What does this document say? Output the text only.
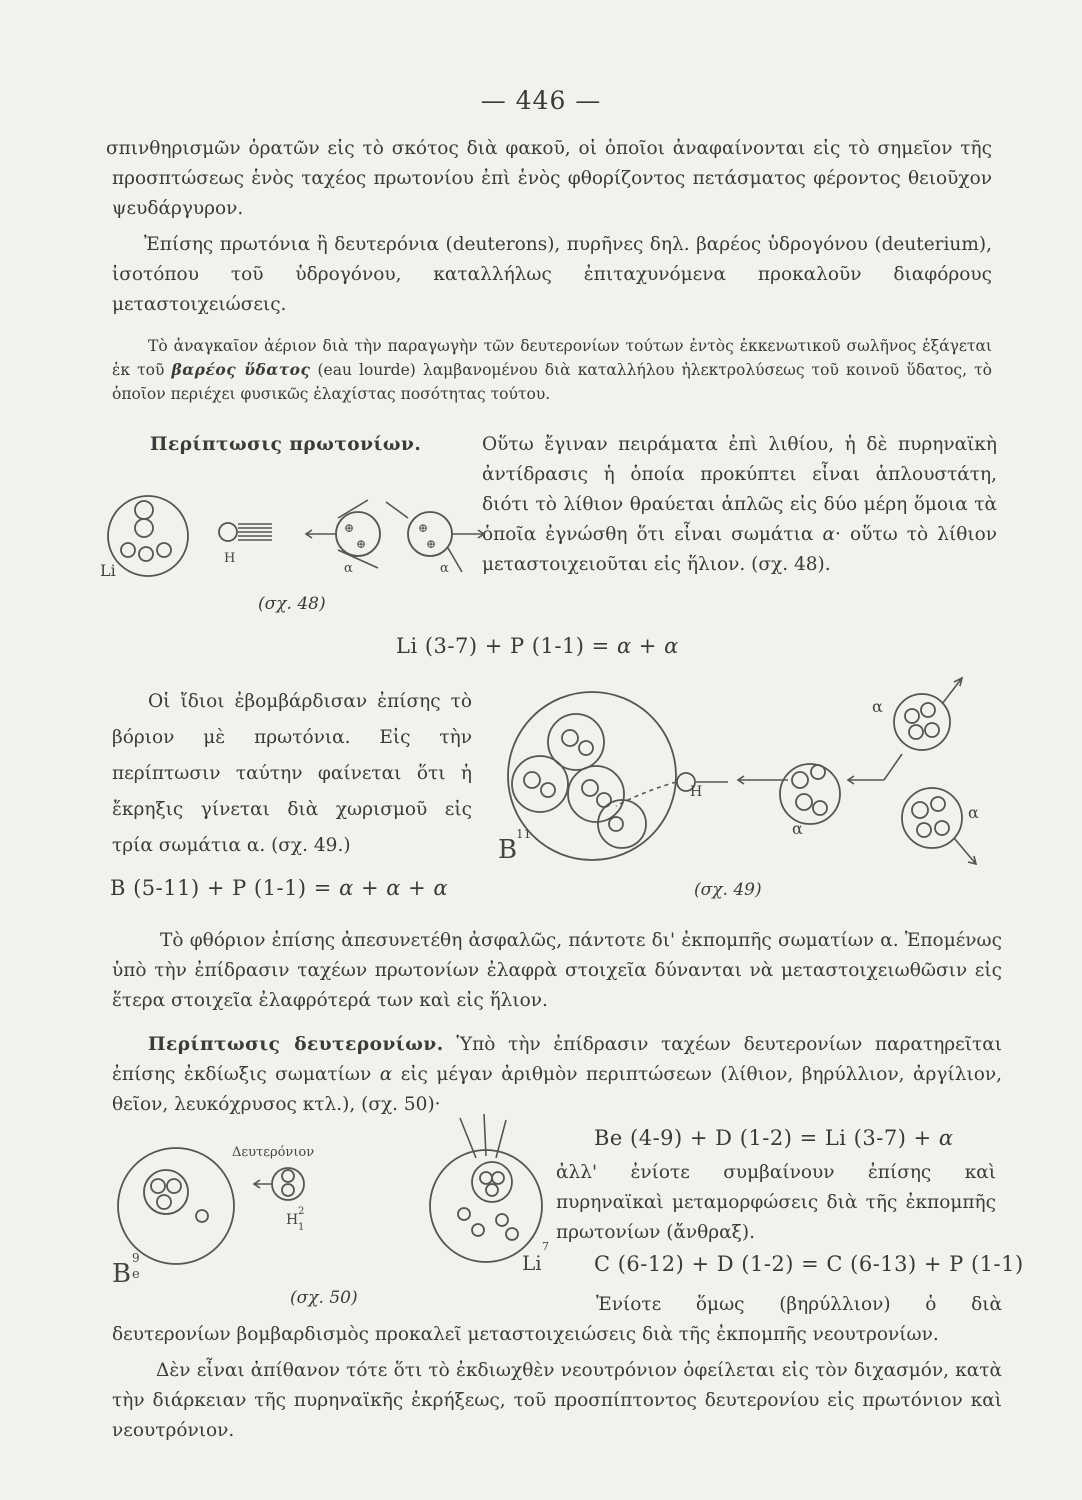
— 446 —
σπινθηρισμῶν ὁρατῶν εἰς τὸ σκότος διὰ φακοῦ, οἱ ὁποῖοι ἀναφαίνονται εἰς τὸ σημεῖον τῆς προσπτώσεως ἑνὸς ταχέος πρωτονίου ἐπὶ ἑνὸς φθορίζοντος πετάσματος φέροντος θειοῦχον ψευδάργυρον.
Ἐπίσης πρωτόνια ἢ δευτερόνια (deuterons), πυρῆνες δηλ. βαρέος ὑδρογόνου (deuterium), ἰσοτόπου τοῦ ὑδρογόνου, καταλλήλως ἐπιταχυνόμενα προκαλοῦν διαφόρους μεταστοιχειώσεις.
Τὸ ἀναγκαῖον ἀέριον διὰ τὴν παραγωγὴν τῶν δευτερονίων τούτων ἐντὸς ἐκκενωτικοῦ σωλῆνος ἐξάγεται ἐκ τοῦ βαρέος ὕδατος (eau lourde) λαμβανομένου διὰ καταλλήλου ἠλεκτρολύσεως τοῦ κοινοῦ ὕδατος, τὸ ὁποῖον περιέχει φυσικῶς ἐλαχίστας ποσότητας τούτου.
Περίπτωσις πρωτονίων.	Οὕτω ἔγιναν πειράματα ἐπὶ λιθίου, ἡ δὲ πυρηναϊκὴ ἀντίδρασις ἡ ὁποία προκύπτει εἶναι ἁπλουστάτη, διότι τὸ λίθιον θραύεται ἁπλῶς εἰς δύο μέρη ὅμοια τὰ ὁποῖα ἐγνώσθη ὅτι εἶναι σωμάτια α· οὕτω τὸ λίθιον μεταστοιχειοῦται εἰς ἥλιον. (σχ. 48).
Li
H
⊕
⊕
α
⊕
⊕
α
(σχ. 48)
Li (3-7) + P (1-1) = α + α
Οἱ ἴδιοι ἐβομβάρδισαν ἐπίσης τὸ βόριον μὲ πρωτόνια. Εἰς τὴν περίπτωσιν ταύτην φαίνεται ὅτι ἡ ἔκρηξις γίνεται διὰ χωρισμοῦ εἰς τρία σωμάτια α. (σχ. 49.)
B (5-11) + P (1-1) = α + α + α
B
11
H
α
α
α
(σχ. 49)
Τὸ φθόριον ἐπίσης ἀπεσυνετέθη ἀσφαλῶς, πάντοτε δι' ἐκπομπῆς σωματίων α. Ἑπομένως ὑπὸ τὴν ἐπίδρασιν ταχέων πρωτονίων ἐλαφρὰ στοιχεῖα δύνανται νὰ μεταστοιχειωθῶσιν εἰς ἕτερα στοιχεῖα ἐλαφρότερά των καὶ εἰς ἥλιον.
Περίπτωσις δευτερονίων. Ὑπὸ τὴν ἐπίδρασιν ταχέων δευτερονίων παρατηρεῖται ἐπίσης ἐκδίωξις σωματίων α εἰς μέγαν ἀριθμὸν περιπτώσεων (λίθιον, βηρύλλιον, ἀργίλιον, θεῖον, λευκόχρυσος κτλ.), (σχ. 50)·
B
9
e
Δευτερόνιον
H
2
1
Li
7
(σχ. 50)
Be (4-9) + D (1-2) = Li (3-7) + α
ἀλλ' ἐνίοτε συμβαίνουν ἐπίσης καὶ πυρηναϊκαὶ μεταμορφώσεις διὰ τῆς ἐκπομπῆς πρωτονίων (ἄνθραξ).
C (6-12) + D (1-2) = C (6-13) + P (1-1)
Ἐνίοτε ὅμως (βηρύλλιον) ὁ διὰ δευτερονίων βομβαρδισμὸς προκαλεῖ μεταστοιχειώσεις διὰ τῆς ἐκπομπῆς νεουτρονίων.
Δὲν εἶναι ἀπίθανον τότε ὅτι τὸ ἐκδιωχθὲν νεουτρόνιον ὀφείλεται εἰς τὸν διχασμόν, κατὰ τὴν διάρκειαν τῆς πυρηναϊκῆς ἐκρήξεως, τοῦ προσπίπτοντος δευτερονίου εἰς πρωτόνιον καὶ νεουτρόνιον.
